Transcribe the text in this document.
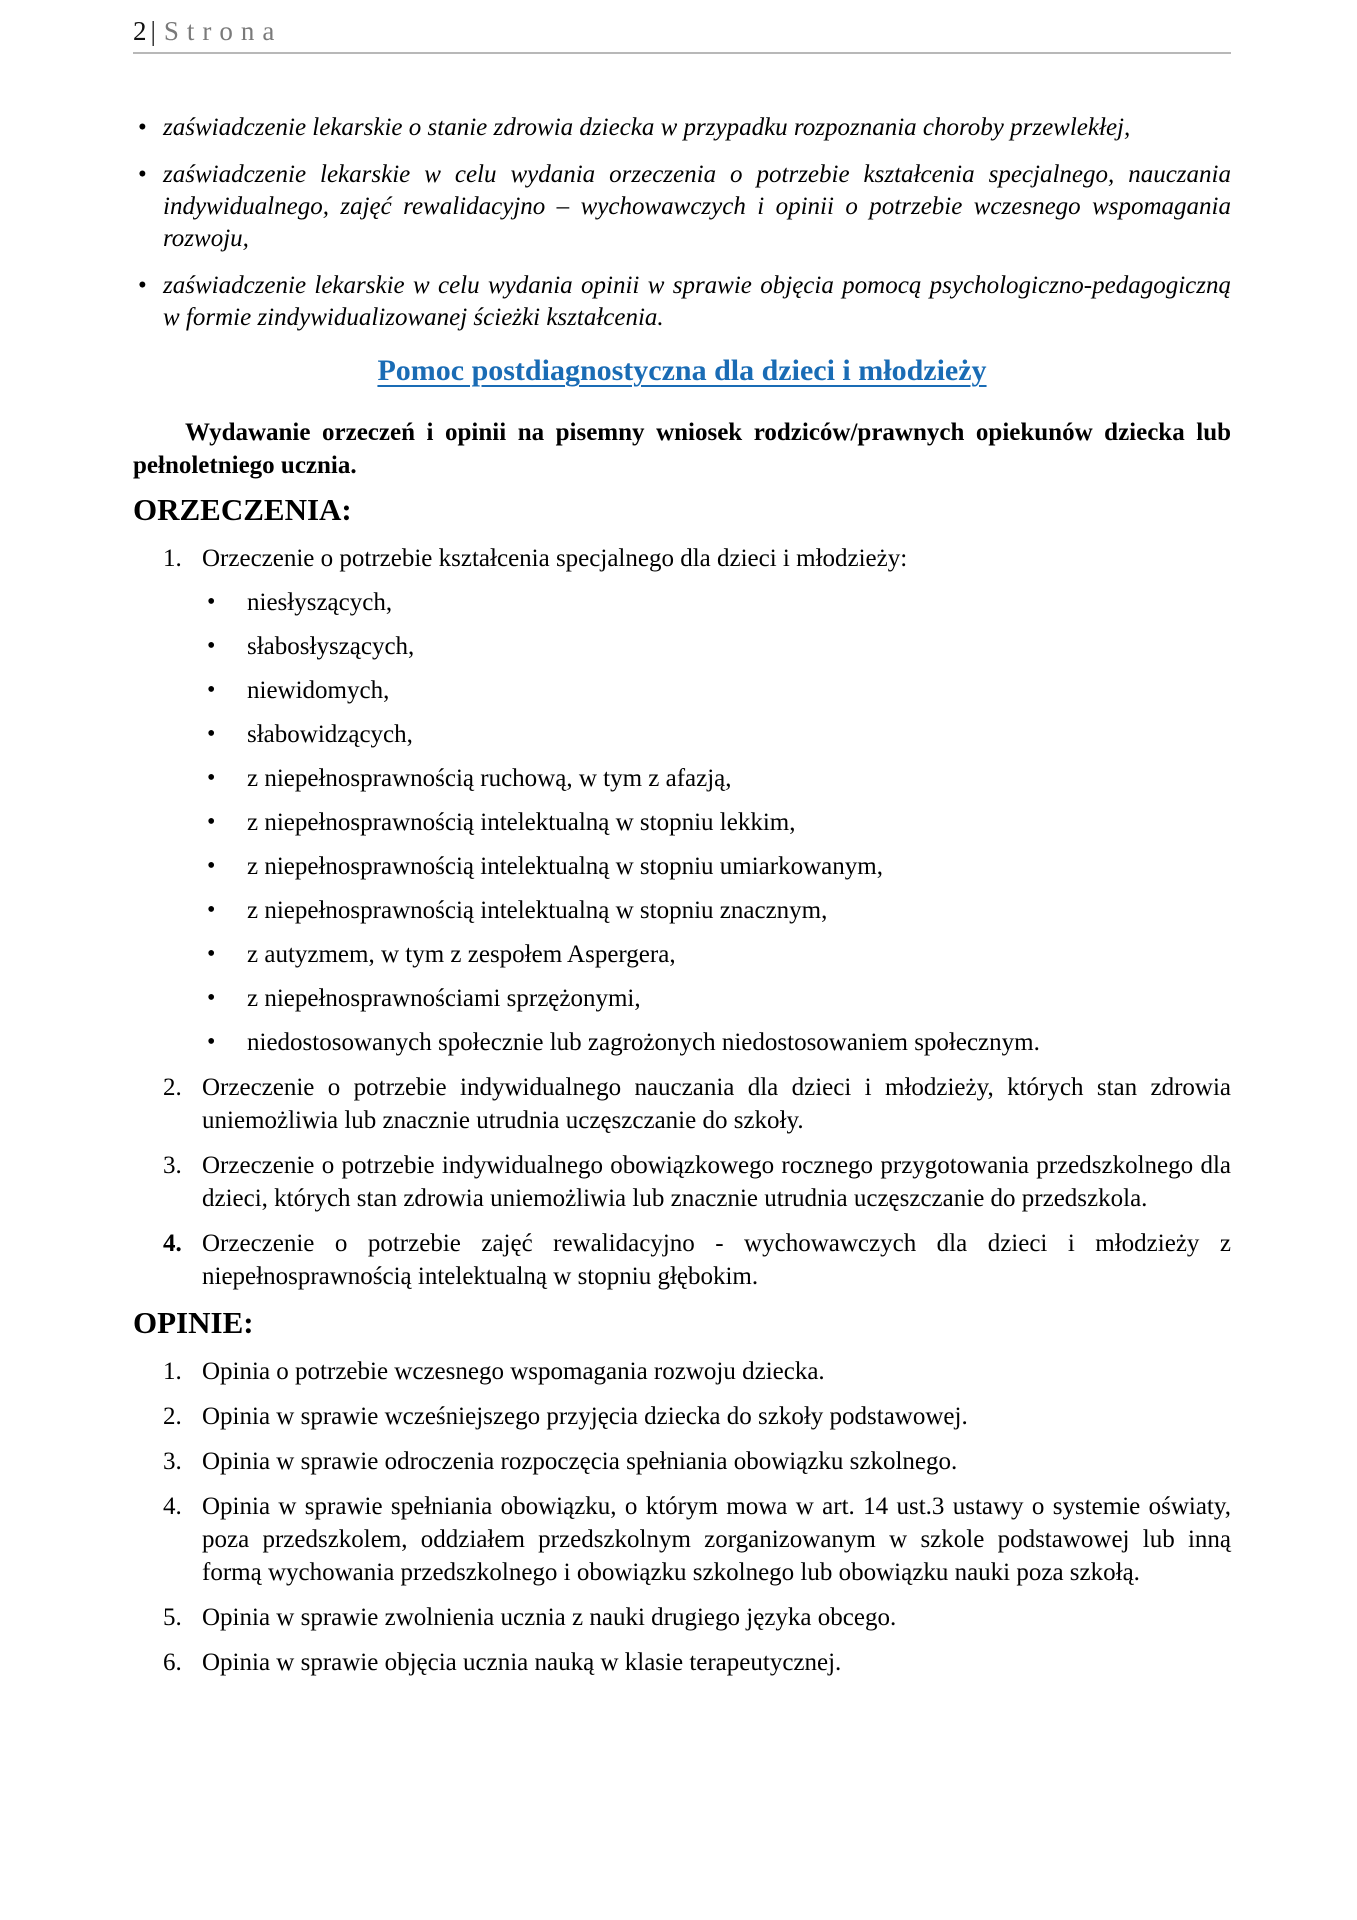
2 | Strona
• zaświadczenie lekarskie o stanie zdrowia dziecka w przypadku rozpoznania choroby przewlekłej,
• zaświadczenie lekarskie w celu wydania orzeczenia o potrzebie kształcenia specjalnego, nauczania indywidualnego, zajęć rewalidacyjno – wychowawczych i opinii o potrzebie wczesnego wspomagania rozwoju,
• zaświadczenie lekarskie w celu wydania opinii w sprawie objęcia pomocą psychologiczno-pedagogiczną w formie zindywidualizowanej ścieżki kształcenia.
Pomoc postdiagnostyczna dla dzieci i młodzieży

Wydawanie orzeczeń i opinii na pisemny wniosek rodziców/prawnych opiekunów dziecka lub pełnoletniego ucznia.

ORZECZENIA:
1. Orzeczenie o potrzebie kształcenia specjalnego dla dzieci i młodzieży:
• niesłyszących,
• słabosłyszących,
• niewidomych,
• słabowidzących,
• z niepełnosprawnością ruchową, w tym z afazją,
• z niepełnosprawnością intelektualną w stopniu lekkim,
• z niepełnosprawnością intelektualną w stopniu umiarkowanym,
• z niepełnosprawnością intelektualną w stopniu znacznym,
• z autyzmem, w tym z zespołem Aspergera,
• z niepełnosprawnościami sprzężonymi,
• niedostosowanych społecznie lub zagrożonych niedostosowaniem społecznym.
2. Orzeczenie o potrzebie indywidualnego nauczania dla dzieci i młodzieży, których stan zdrowia uniemożliwia lub znacznie utrudnia uczęszczanie do szkoły.
3. Orzeczenie o potrzebie indywidualnego obowiązkowego rocznego przygotowania przedszkolnego dla dzieci, których stan zdrowia uniemożliwia lub znacznie utrudnia uczęszczanie do przedszkola.
4. Orzeczenie o potrzebie zajęć rewalidacyjno - wychowawczych dla dzieci i młodzieży z niepełnosprawnością intelektualną w stopniu głębokim.
OPINIE:
1. Opinia o potrzebie wczesnego wspomagania rozwoju dziecka.
2. Opinia w sprawie wcześniejszego przyjęcia dziecka do szkoły podstawowej.
3. Opinia w sprawie odroczenia rozpoczęcia spełniania obowiązku szkolnego.
4. Opinia w sprawie spełniania obowiązku, o którym mowa w art. 14 ust.3 ustawy o systemie oświaty, poza przedszkolem, oddziałem przedszkolnym zorganizowanym w szkole podstawowej lub inną formą wychowania przedszkolnego i obowiązku szkolnego lub obowiązku nauki poza szkołą.
5. Opinia w sprawie zwolnienia ucznia z nauki drugiego języka obcego.
6. Opinia w sprawie objęcia ucznia nauką w klasie terapeutycznej.
